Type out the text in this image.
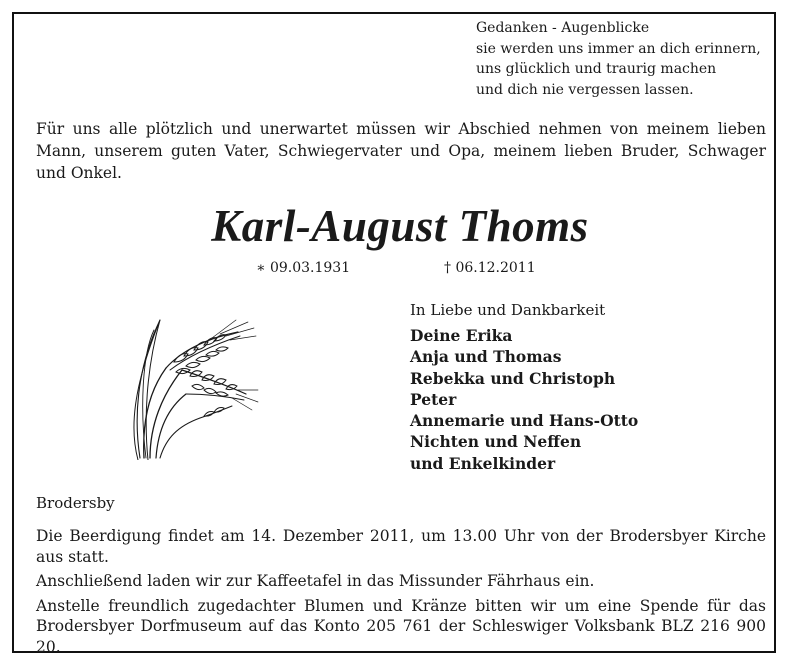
Gedanken - Augenblicke
sie werden uns immer an dich erinnern,
uns glücklich und traurig machen
und dich nie vergessen lassen.
Für uns alle plötzlich und unerwartet müssen wir Abschied nehmen von meinem lieben Mann, unserem guten Vater, Schwiegervater und Opa, meinem lieben Bruder, Schwager und Onkel.
Karl-August Thoms
∗ 09.03.1931	† 06.12.2011
In Liebe und Dankbarkeit
Deine Erika
Anja und Thomas
Rebekka und Christoph
Peter
Annemarie und Hans-Otto
Nichten und Neffen
und Enkelkinder
Brodersby

Die Beerdigung findet am 14. Dezember 2011, um 13.00 Uhr von der Brodersbyer Kirche aus statt.

Anschließend laden wir zur Kaffeetafel in das Missunder Fährhaus ein.

Anstelle freundlich zugedachter Blumen und Kränze bitten wir um eine Spende für das Brodersbyer Dorfmuseum auf das Konto 205 761 der Schleswiger Volksbank BLZ 216 900 20.
